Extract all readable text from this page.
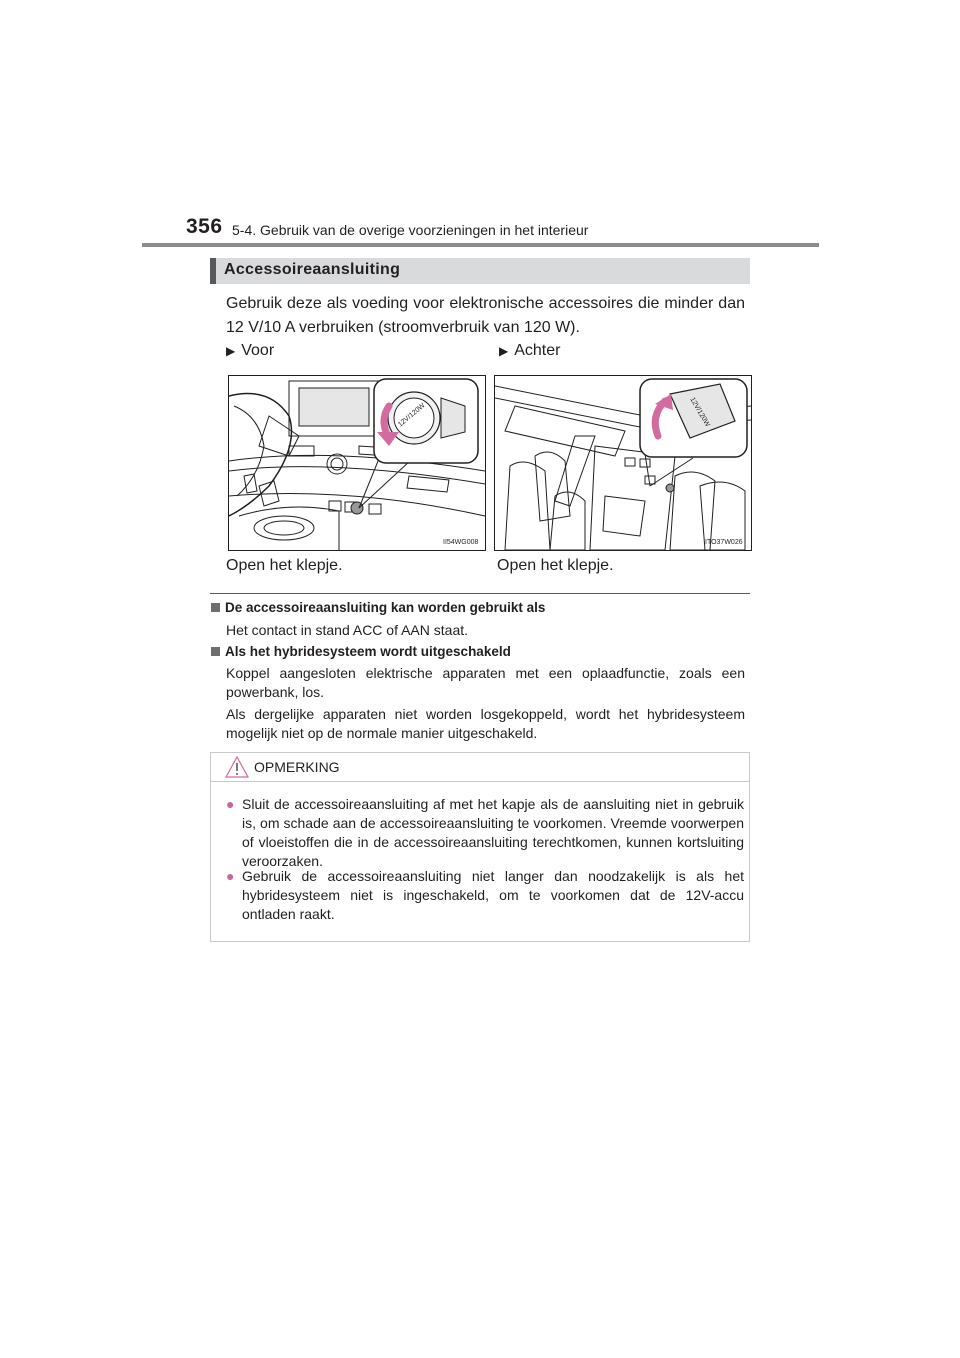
356 5-4. Gebruik van de overige voorzieningen in het interieur
Accessoireaansluiting
Gebruik deze als voeding voor elektronische accessoires die minder dan 12 V/10 A verbruiken (stroomverbruik van 120 W).
▶ Voor	▶ Achter
12V/120W
II54WG008
12V/120W
ITO37W026
Open het klepje.	Open het klepje.
De accessoireaansluiting kan worden gebruikt als
Het contact in stand ACC of AAN staat.
Als het hybridesysteem wordt uitgeschakeld
Koppel aangesloten elektrische apparaten met een oplaadfunctie, zoals een powerbank, los.
Als dergelijke apparaten niet worden losgekoppeld, wordt het hybridesysteem mogelijk niet op de normale manier uitgeschakeld.
OPMERKING
● Sluit de accessoireaansluiting af met het kapje als de aansluiting niet in gebruik is, om schade aan de accessoireaansluiting te voorkomen. Vreemde voorwerpen of vloeistoffen die in de accessoireaansluiting terechtkomen, kunnen kortsluiting veroorzaken.
● Gebruik de accessoireaansluiting niet langer dan noodzakelijk is als het hybridesysteem niet is ingeschakeld, om te voorkomen dat de 12V-accu ontladen raakt.
